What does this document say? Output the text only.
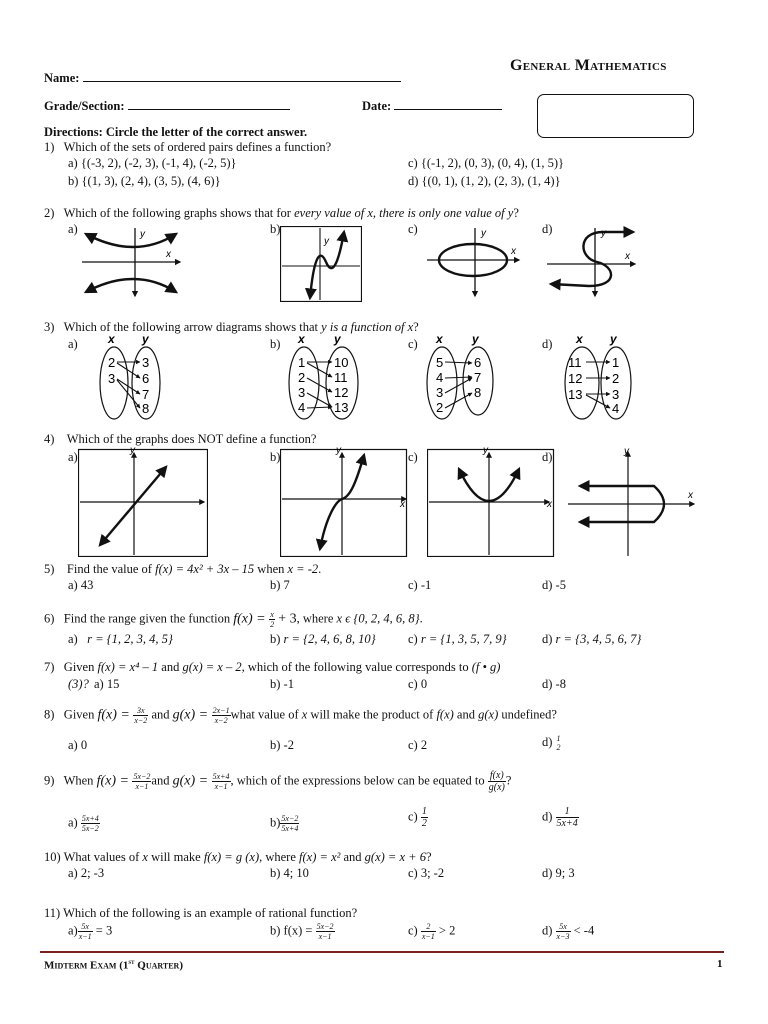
General Mathematics
Name:
Grade/Section:	Date:
Directions: Circle the letter of the correct answer.
1) Which of the sets of ordered pairs defines a function?
a) {(-3, 2), (-2, 3), (-1, 4), (-2, 5)}
b) {(1, 3), (2, 4), (3, 5), (4, 6)}
c) {(-1, 2), (0, 3), (0, 4), (1, 5)}
d) {(0, 1), (1, 2), (2, 3), (1, 4)}
2) Which of the following graphs shows that for every value of x, there is only one value of y?
a)	b)	c)	d)
y
x
y
y
x
y
x
3) Which of the following arrow diagrams shows that y is a function of x?
a)	b)	c)	d)
x y
2
3
3
6
7
8
x y
1
2
3
4
10
11
12
13
x y
5
4
3
2
6
7
8
x y
11
12
13
1
2
3
4
4) Which of the graphs does NOT define a function?
a)	b)	c)	d)
y	y
x
y
x
y
x
5) Find the value of f(x) = 4x² + 3x – 15 when x = -2.
a) 43	b) 7	c) -1	d) -5
6) Find the range given the function $f(x) = \frac{x}{2} + 3$, where x ϵ {0, 2, 4, 6, 8}.
a) r = {1, 2, 3, 4, 5}	b) r = {2, 4, 6, 8, 10}	c) r = {1, 3, 5, 7, 9}	d) r = {3, 4, 5, 6, 7}
7) Given f(x) = x⁴ – 1 and g(x) = x – 2, which of the following value corresponds to (f • g)
(3)? a) 15	b) -1	c) 0	d) -8
8) Given $f(x) = \frac{3x}{x-2}$ and $g(x) = \frac{2x-1}{x-2}$ what value of x will make the product of f(x) and g(x) undefined?
a) 0	b) -2	c) 2	d) 1
2
9) When $f(x) = \frac{5x-2}{x-1}$ and $g(x) = \frac{5x+4}{x-1}$ , which of the expressions below can be equated to $\frac{f(x)}{g(x)}$ ?
$a) \frac{5x+4}{5x-2}$	$b) \frac{5x-2}{5x+4}$	$c) \frac{1}{2}$	$d) \frac{1}{5x+4}$
10) What values of x will make f(x) = g (x), where f(x) = x² and g(x) = x + 6?
a) 2; -3	b) 4; 10	c) 3; -2	d) 9; 3
11) Which of the following is an example of rational function?
$a) \frac{5x}{x-1} = 3$	b) $f(x) = \frac{5x-2}{x-1}$	$c) \frac{2}{x-1} > 2$	$d) \frac{5x}{x-3} < -4$
Midterm Exam (1st Quarter)	1
